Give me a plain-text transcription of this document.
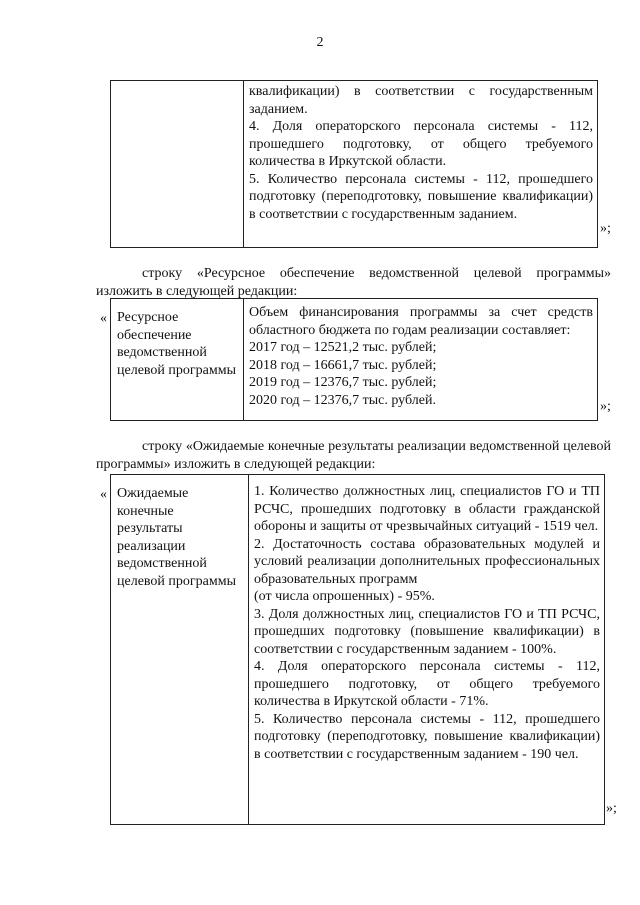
2

квалификации) в соответствии с государственным заданием.

4. Доля операторского персонала системы - 112, прошедшего подготовку, от общего требуемого количества в Иркутской области.

5. Количество персонала системы - 112, прошедшего подготовку (переподготовку, повышение квалификации) в соответствии с государственным заданием.

»;

строку «Ресурсное обеспечение ведомственной целевой программы» изложить в следующей редакции:

« Ресурсное обеспечение ведомственной целевой программы

Объем финансирования программы за счет средств областного бюджета по годам реализации составляет:

2017 год – 12521,2 тыс. рублей;
2018 год – 16661,7 тыс. рублей;
2019 год – 12376,7 тыс. рублей;
2020 год – 12376,7 тыс. рублей.	»;

строку «Ожидаемые конечные результаты реализации ведомственной целевой программы» изложить в следующей редакции:

« Ожидаемые конечные результаты реализации ведомственной целевой программы

1. Количество должностных лиц, специалистов ГО и ТП РСЧС, прошедших подготовку в области гражданской обороны и защиты от чрезвычайных ситуаций - 1519 чел.

2. Достаточность состава образовательных модулей и условий реализации дополнительных профессиональных образовательных программ

(от числа опрошенных) - 95%.

3. Доля должностных лиц, специалистов ГО и ТП РСЧС, прошедших подготовку (повышение квалификации) в соответствии с государственным заданием - 100%.

4. Доля операторского персонала системы - 112, прошедшего подготовку, от общего требуемого количества в Иркутской области - 71%.

5. Количество персонала системы - 112, прошедшего подготовку (переподготовку, повышение квалификации) в соответствии с государственным заданием - 190 чел.

»;
